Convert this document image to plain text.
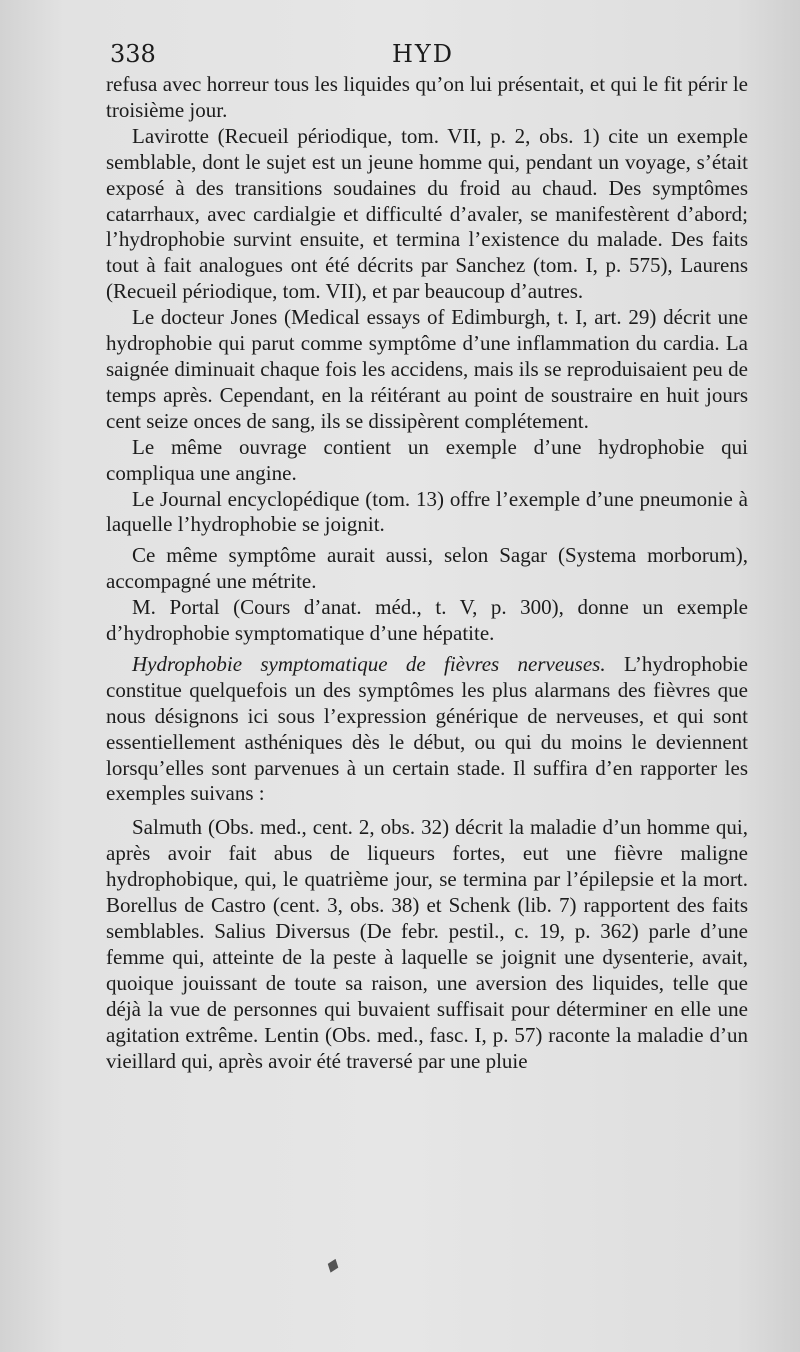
338	HYD

refusa avec horreur tous les liquides qu’on lui présentait, et qui le fit périr le troisième jour.

Lavirotte (Recueil périodique, tom. VII, p. 2, obs. 1) cite un exemple semblable, dont le sujet est un jeune homme qui, pendant un voyage, s’était exposé à des transitions soudaines du froid au chaud. Des symptômes catarrhaux, avec cardialgie et difficulté d’avaler, se manifestèrent d’abord; l’hydrophobie survint ensuite, et termina l’existence du malade. Des faits tout à fait analogues ont été décrits par Sanchez (tom. I, p. 575), Laurens (Recueil périodique, tom. VII), et par beaucoup d’autres.

Le docteur Jones (Medical essays of Edimburgh, t. I, art. 29) décrit une hydrophobie qui parut comme symptôme d’une inflammation du cardia. La saignée diminuait chaque fois les accidens, mais ils se reproduisaient peu de temps après. Cependant, en la réitérant au point de soustraire en huit jours cent seize onces de sang, ils se dissipèrent complétement.

Le même ouvrage contient un exemple d’une hydrophobie qui compliqua une angine.

Le Journal encyclopédique (tom. 13) offre l’exemple d’une pneumonie à laquelle l’hydrophobie se joignit.

Ce même symptôme aurait aussi, selon Sagar (Systema morborum), accompagné une métrite.

M. Portal (Cours d’anat. méd., t. V, p. 300), donne un exemple d’hydrophobie symptomatique d’une hépatite.

Hydrophobie symptomatique de fièvres nerveuses. L’hydrophobie constitue quelquefois un des symptômes les plus alarmans des fièvres que nous désignons ici sous l’expression générique de nerveuses, et qui sont essentiellement asthéniques dès le début, ou qui du moins le deviennent lorsqu’elles sont parvenues à un certain stade. Il suffira d’en rapporter les exemples suivans :

Salmuth (Obs. med., cent. 2, obs. 32) décrit la maladie d’un homme qui, après avoir fait abus de liqueurs fortes, eut une fièvre maligne hydrophobique, qui, le quatrième jour, se termina par l’épilepsie et la mort. Borellus de Castro (cent. 3, obs. 38) et Schenk (lib. 7) rapportent des faits semblables. Salius Diversus (De febr. pestil., c. 19, p. 362) parle d’une femme qui, atteinte de la peste à laquelle se joignit une dysenterie, avait, quoique jouissant de toute sa raison, une aversion des liquides, telle que déjà la vue de personnes qui buvaient suffisait pour déterminer en elle une agitation extrême. Lentin (Obs. med., fasc. I, p. 57) raconte la maladie d’un vieillard qui, après avoir été traversé par une pluie

♦
